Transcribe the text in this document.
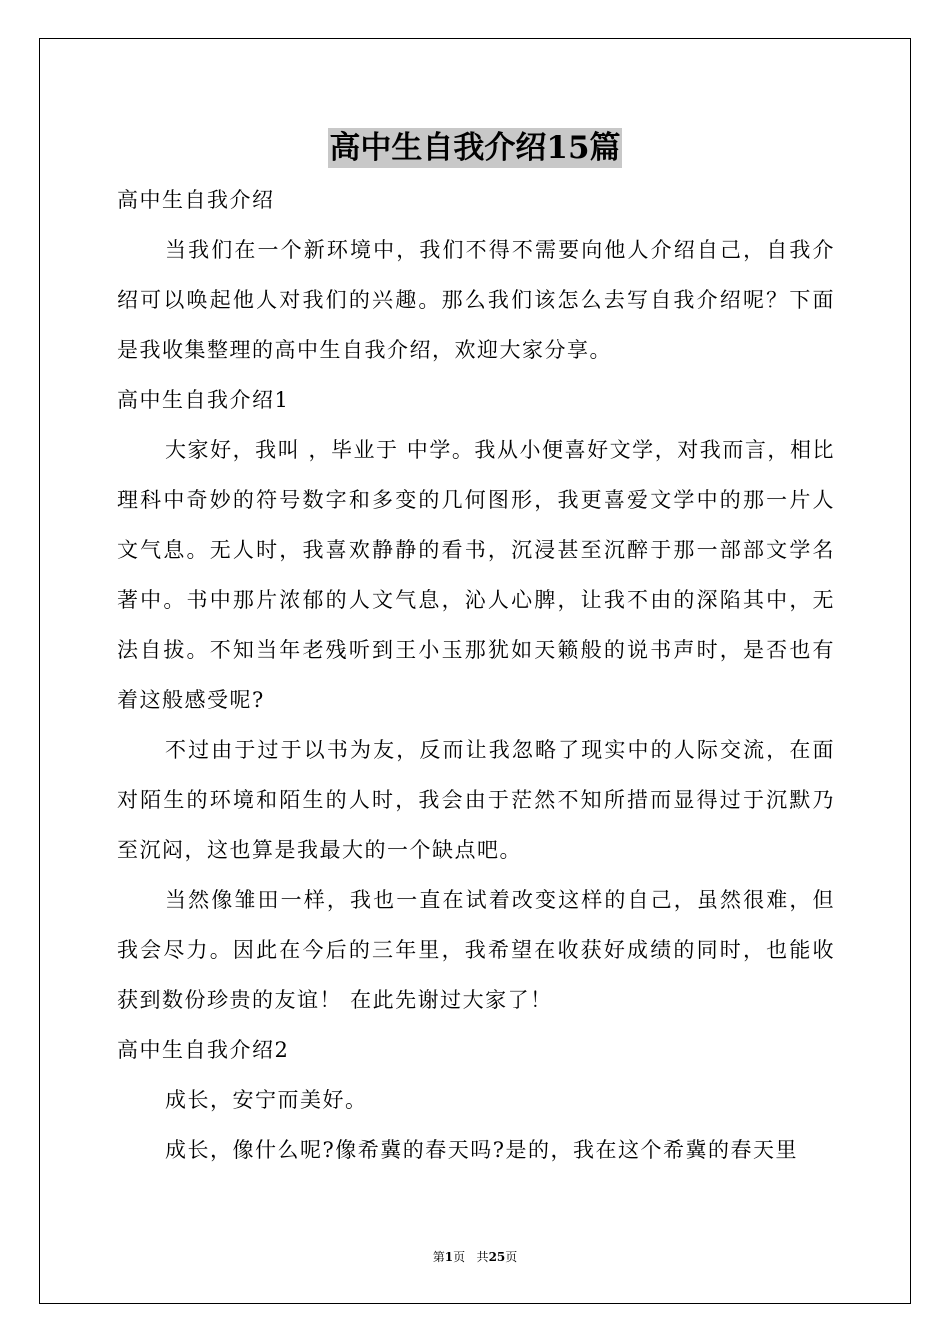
高中生自我介绍15篇

高中生自我介绍

当我们在一个新环境中，我们不得不需要向他人介绍自己，自我介绍可以唤起他人对我们的兴趣。那么我们该怎么去写自我介绍呢？下面是我收集整理的高中生自我介绍，欢迎大家分享。

高中生自我介绍1

大家好，我叫 ，毕业于 中学。我从小便喜好文学，对我而言，相比理科中奇妙的符号数字和多变的几何图形，我更喜爱文学中的那一片人文气息。无人时，我喜欢静静的看书，沉浸甚至沉醉于那一部部文学名著中。书中那片浓郁的人文气息，沁人心脾，让我不由的深陷其中，无法自拔。不知当年老残听到王小玉那犹如天籁般的说书声时，是否也有着这般感受呢?

不过由于过于以书为友，反而让我忽略了现实中的人际交流，在面对陌生的环境和陌生的人时，我会由于茫然不知所措而显得过于沉默乃至沉闷，这也算是我最大的一个缺点吧。

当然像雏田一样，我也一直在试着改变这样的自己，虽然很难，但我会尽力。因此在今后的三年里，我希望在收获好成绩的同时，也能收获到数份珍贵的友谊！ 在此先谢过大家了！

高中生自我介绍2

成长，安宁而美好。

成长，像什么呢?像希冀的春天吗?是的，我在这个希冀的春天里

第1页 共25页
